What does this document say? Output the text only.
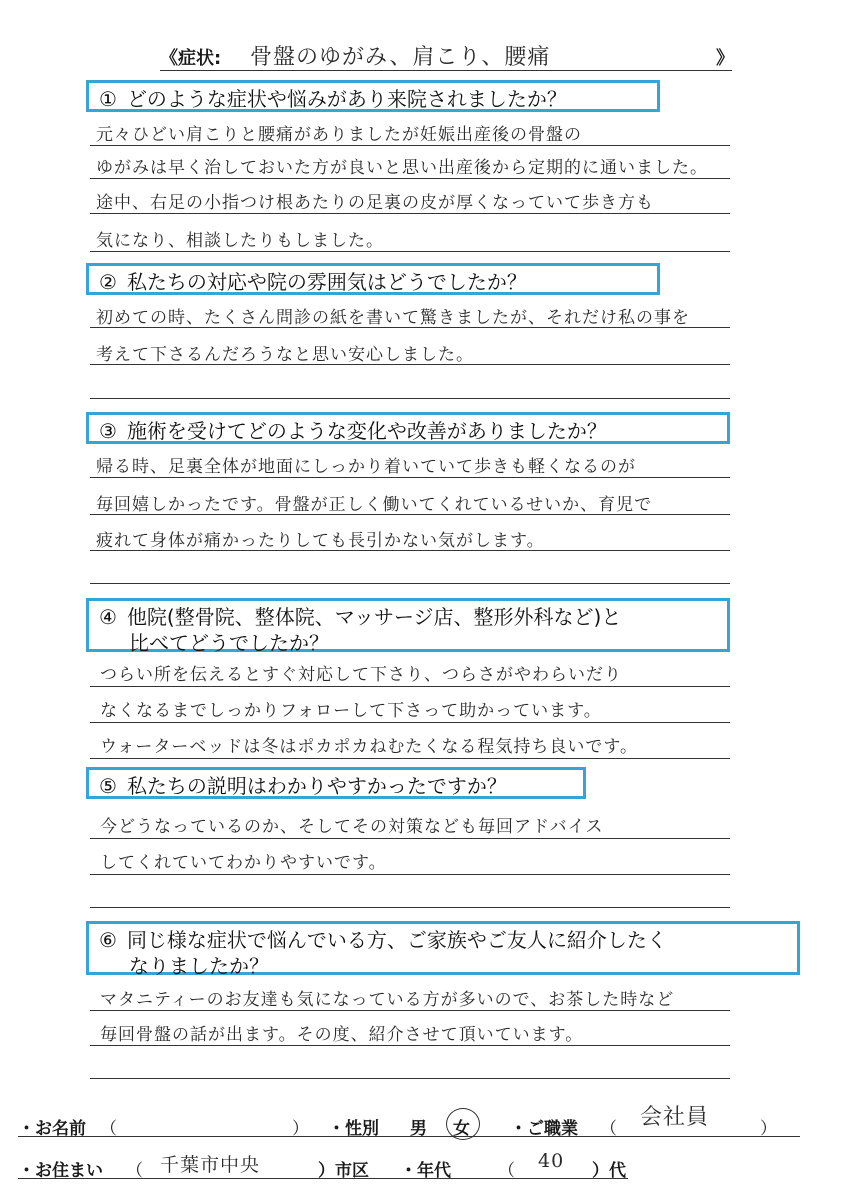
《症状: 骨盤のゆがみ、肩こり、腰痛	》
① どのような症状や悩みがあり来院されましたか？
元々ひどい肩こりと腰痛がありましたが妊娠出産後の骨盤の
ゆがみは早く治しておいた方が良いと思い出産後から定期的に通いました。
途中、右足の小指つけ根あたりの足裏の皮が厚くなっていて歩き方も
気になり、相談したりもしました。
② 私たちの対応や院の雰囲気はどうでしたか？
初めての時、たくさん問診の紙を書いて驚きましたが、それだけ私の事を
考えて下さるんだろうなと思い安心しました。
③ 施術を受けてどのような変化や改善がありましたか？
帰る時、足裏全体が地面にしっかり着いていて歩きも軽くなるのが
毎回嬉しかったです。骨盤が正しく働いてくれているせいか、育児で
疲れて身体が痛かったりしても長引かない気がします。
④ 他院(整骨院、整体院、マッサージ店、整形外科など)と
比べてどうでしたか？
つらい所を伝えるとすぐ対応して下さり、つらさがやわらいだり
なくなるまでしっかりフォローして下さって助かっています。
ウォーターベッドは冬はポカポカねむたくなる程気持ち良いです。
⑤ 私たちの説明はわかりやすかったですか？
今どうなっているのか、そしてその対策なども毎回アドバイス
してくれていてわかりやすいです。
⑥ 同じ様な症状で悩んでいる方、ご家族やご友人に紹介したく
なりましたか？
マタニティーのお友達も気になっている方が多いので、お茶した時など
毎回骨盤の話が出ます。その度、紹介させて頂いています。
・お名前 （	） ・性別 男 女 ・ご職業 （ 会社員	）
・お住まい （ 千葉市中央	）市区 ・年代	（ 40 ）代
